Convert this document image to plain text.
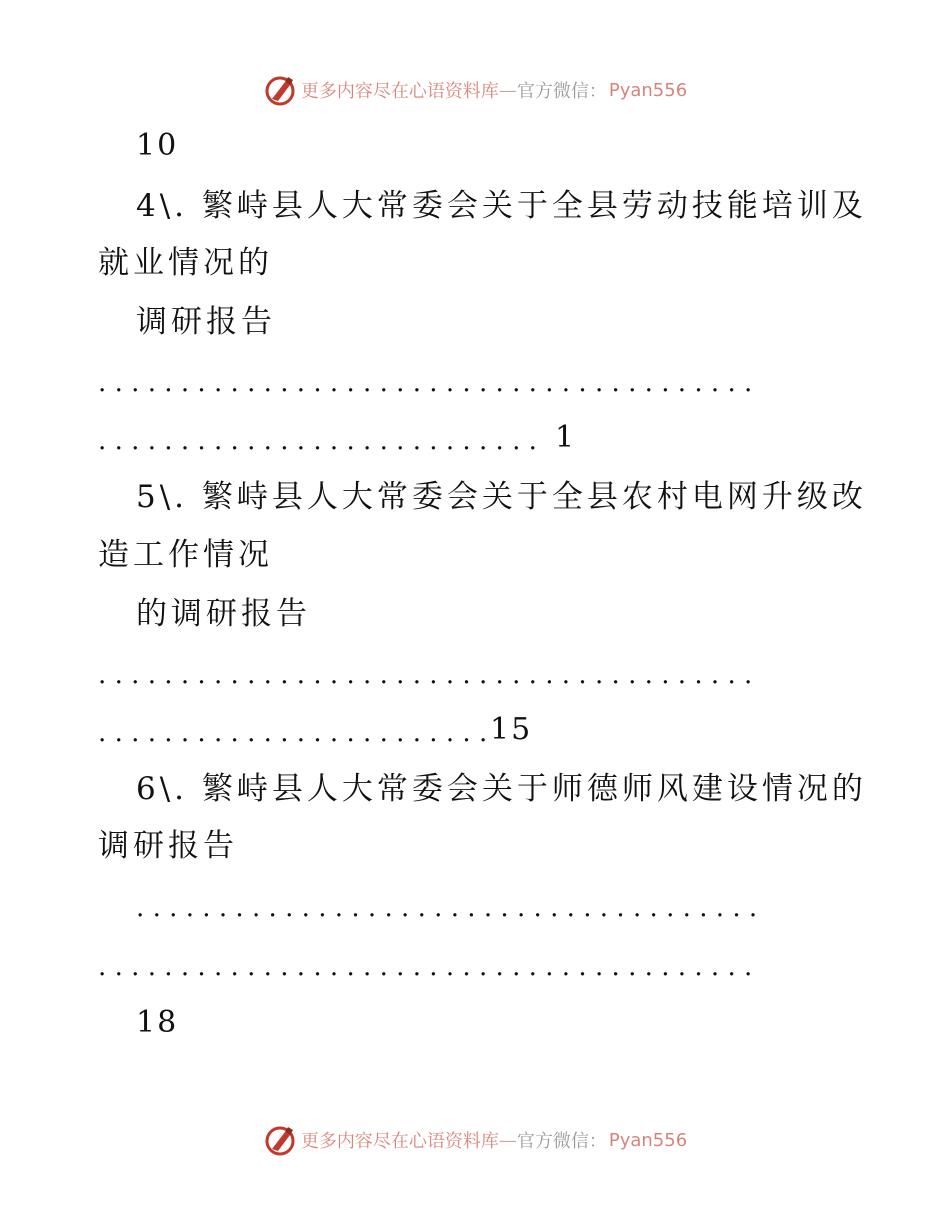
更多内容尽在心语资料库 — 官方微信： Pyan556
10
4\. 繁峙县人大常委会关于全县劳动技能培训及
就业情况的
调研报告
........................................
........................... 1
5\. 繁峙县人大常委会关于全县农村电网升级改
造工作情况
的调研报告
........................................
........................
15
6\. 繁峙县人大常委会关于师德师风建设情况的
调研报告
......................................
........................................
18
更多内容尽在心语资料库 — 官方微信： Pyan556
